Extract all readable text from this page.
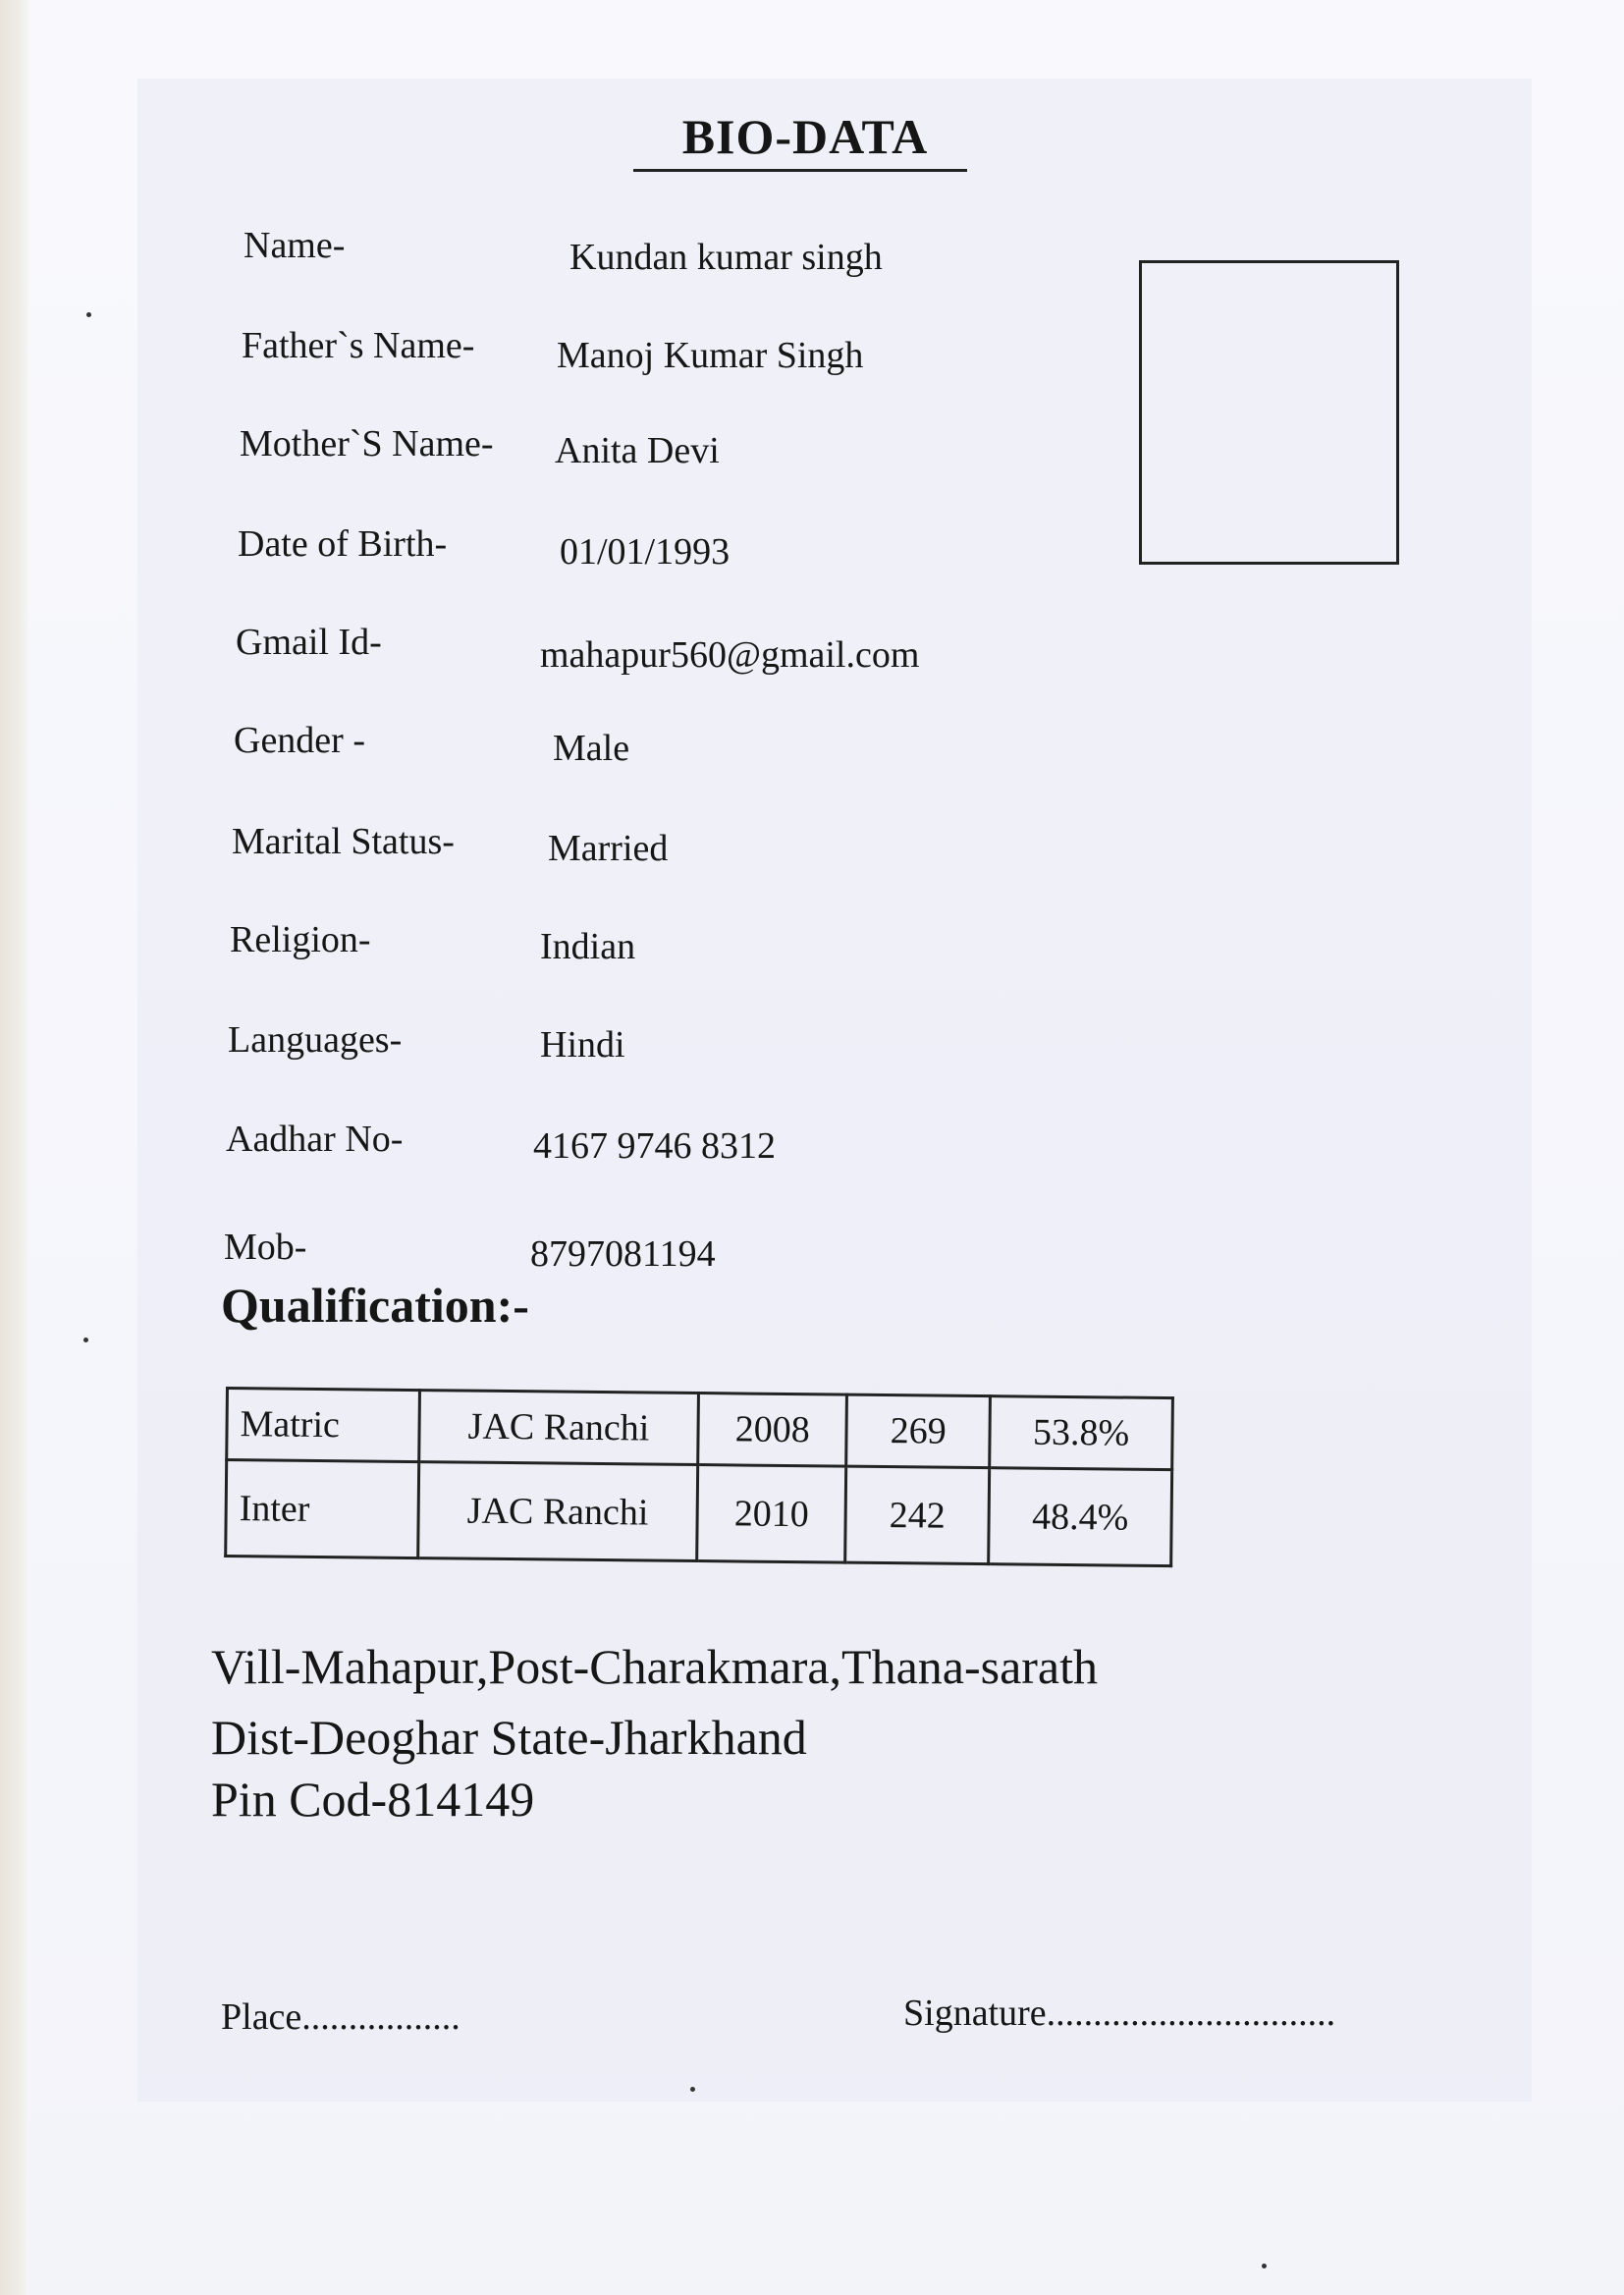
BIO-DATA
Name-	Kundan kumar singh
Father`s Name- Manoj Kumar Singh
Mother`S Name- Anita Devi
Date of Birth-	01/01/1993
Gmail Id-	mahapur560@gmail.com
Gender -	Male
Marital Status-	Married
Religion-	Indian
Languages-	Hindi
Aadhar No-	4167 9746 8312
Mob-	8797081194
Qualification:-
Matric	JAC Ranchi	2008	269	53.8%
Inter	JAC Ranchi	2010	242	48.4%
Vill-Mahapur,Post-Charakmara,Thana-sarath
Dist-Deoghar State-Jharkhand
Pin Cod-814149
Place.................	Signature...............................
